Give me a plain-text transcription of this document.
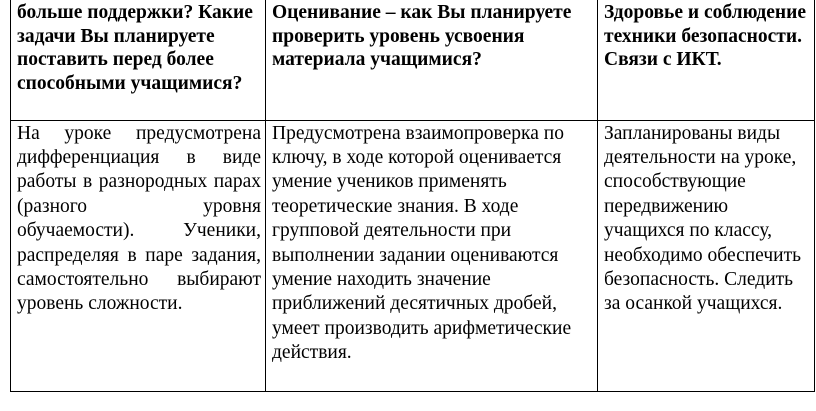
больше поддержки? Какие задачи Вы планируете поставить перед более способными учащимися?	Оценивание – как Вы планируете проверить уровень усвоения материала учащимися?	Здоровье и соблюдение техники безопасности. Связи с ИКТ.
На уроке предусмотрена дифференциация в виде работы в разнородных парах (разного уровня обучаемости). Ученики, распределяя в паре задания, самостоятельно выбирают уровень сложности.	Предусмотрена взаимопроверка по ключу, в ходе которой оценивается умение учеников применять теоретические знания. В ходе групповой деятельности при выполнении задании оцениваются умение находить значение приближений десятичных дробей, умеет производить арифметические действия.	Запланированы виды деятельности на уроке, способствующие передвижению учащихся по классу, необходимо обеспечить безопасность. Следить за осанкой учащихся.
